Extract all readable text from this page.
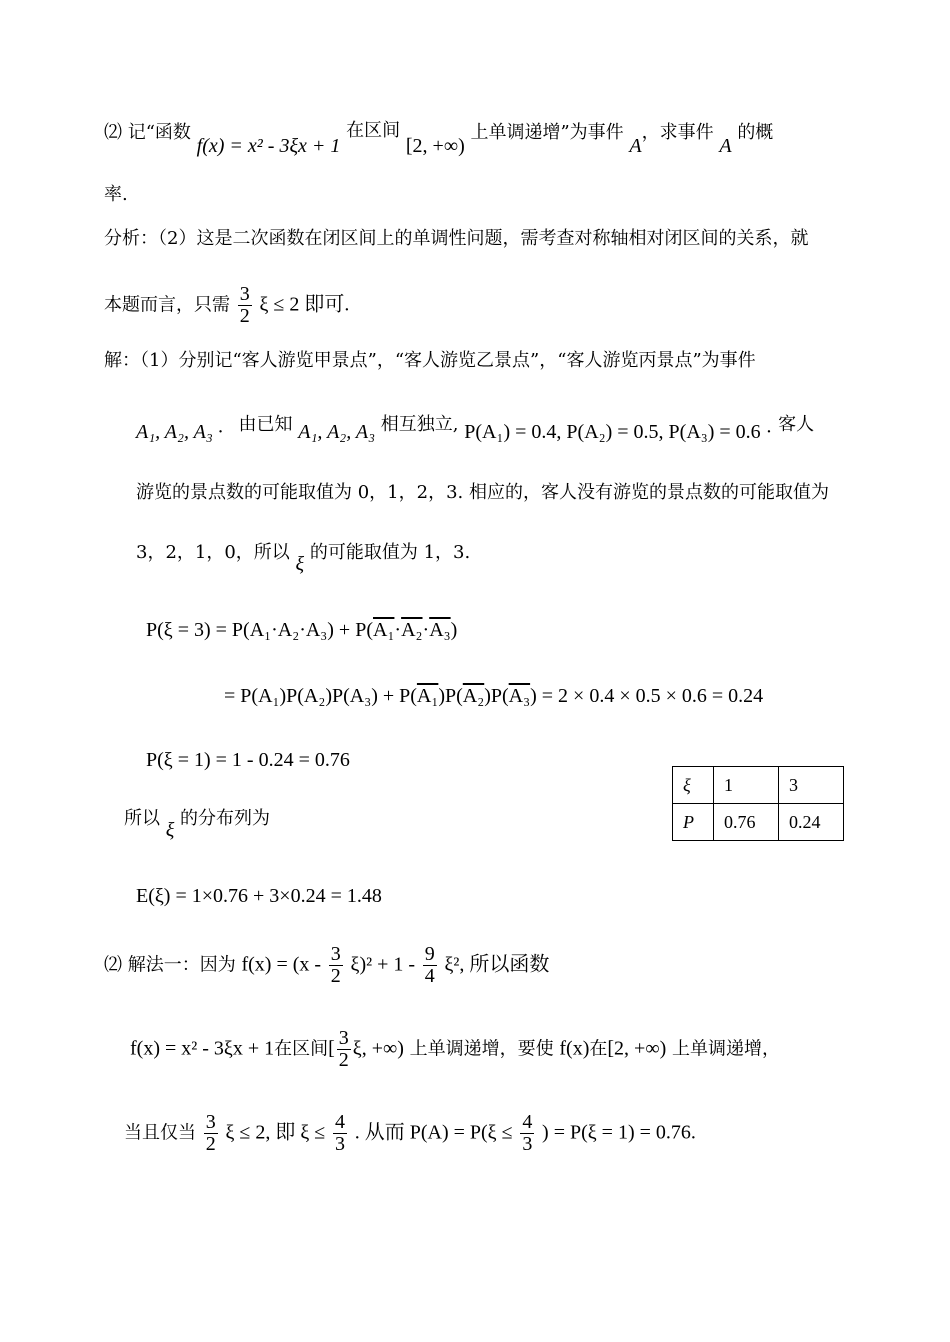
⑵ 记“函数 f(x) = x² - 3ξx + 1 在区间 [2, +∞) 上单调递增”为事件 A，求事件 A 的概
率.
分析：（2）这是二次函数在闭区间上的单调性问题，需考查对称轴相对闭区间的关系，就
本题而言，只需 $\frac{3}{2}$ ξ ≤ 2 即可.
解：（1）分别记“客人游览甲景点”，“客人游览乙景点”，“客人游览丙景点”为事件
A₁, A₂, A₃ · 由已知 A₁, A₂, A₃ 相互独立, P(A₁) = 0.4, P(A₂) = 0.5, P(A₃) = 0.6 · 客人
游览的景点数的可能取值为 0，1，2，3. 相应的，客人没有游览的景点数的可能取值为
3，2，1，0，所以 ξ 的可能取值为 1，3.
P(ξ = 3) = P(A₁·A₂·A₃) + P(A₁·A₂·A₃)
= P(A₁)P(A₂)P(A₃) + P(A₁)P(A₂)P(A₃) = 2 × 0.4 × 0.5 × 0.6 = 0.24
P(ξ = 1) = 1 - 0.24 = 0.76
所以 ξ 的分布列为
ξ	1	3
P	0.76	0.24
E(ξ) = 1×0.76 + 3×0.24 = 1.48
⑵ 解法一：因为 $f(x) = (x - \frac{3}{2} \xi)^2 + 1 - \frac{9}{4} \xi^2$, 所以函数
f(x) = x² - 3ξx + 1在区间[ $\frac{3}{2} \xi$, +∞) 上单调递增，要使 f(x)在[2, +∞) 上单调递增，
当且仅当 $\frac{3}{2}$ ξ ≤ 2, 即 $\xi \le \frac{4}{3}$ . 从而 $P(A) = P(\xi \le \frac{4}{3}$ ) = P(ξ = 1) = 0.76.
